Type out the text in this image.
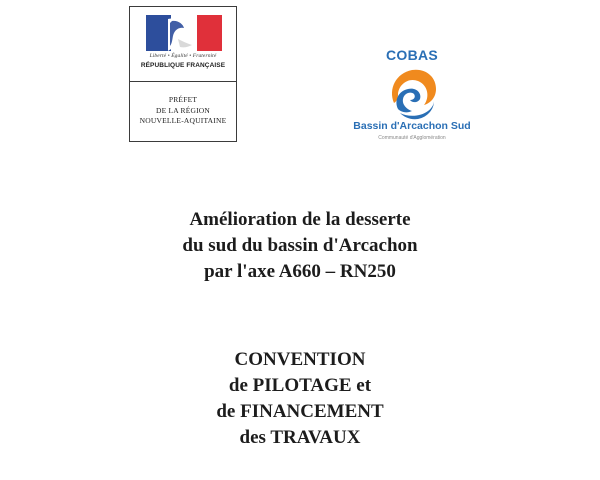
Liberté • Égalité • Fraternité
RÉPUBLIQUE FRANÇAISE
PRÉFET
DE LA RÉGION
NOUVELLE-AQUITAINE
COBAS
Bassin d'Arcachon Sud
Communauté d'Agglomération
Amélioration de la desserte
du sud du bassin d'Arcachon
par l'axe A660 – RN250
CONVENTION
de PILOTAGE et
de FINANCEMENT
des TRAVAUX
